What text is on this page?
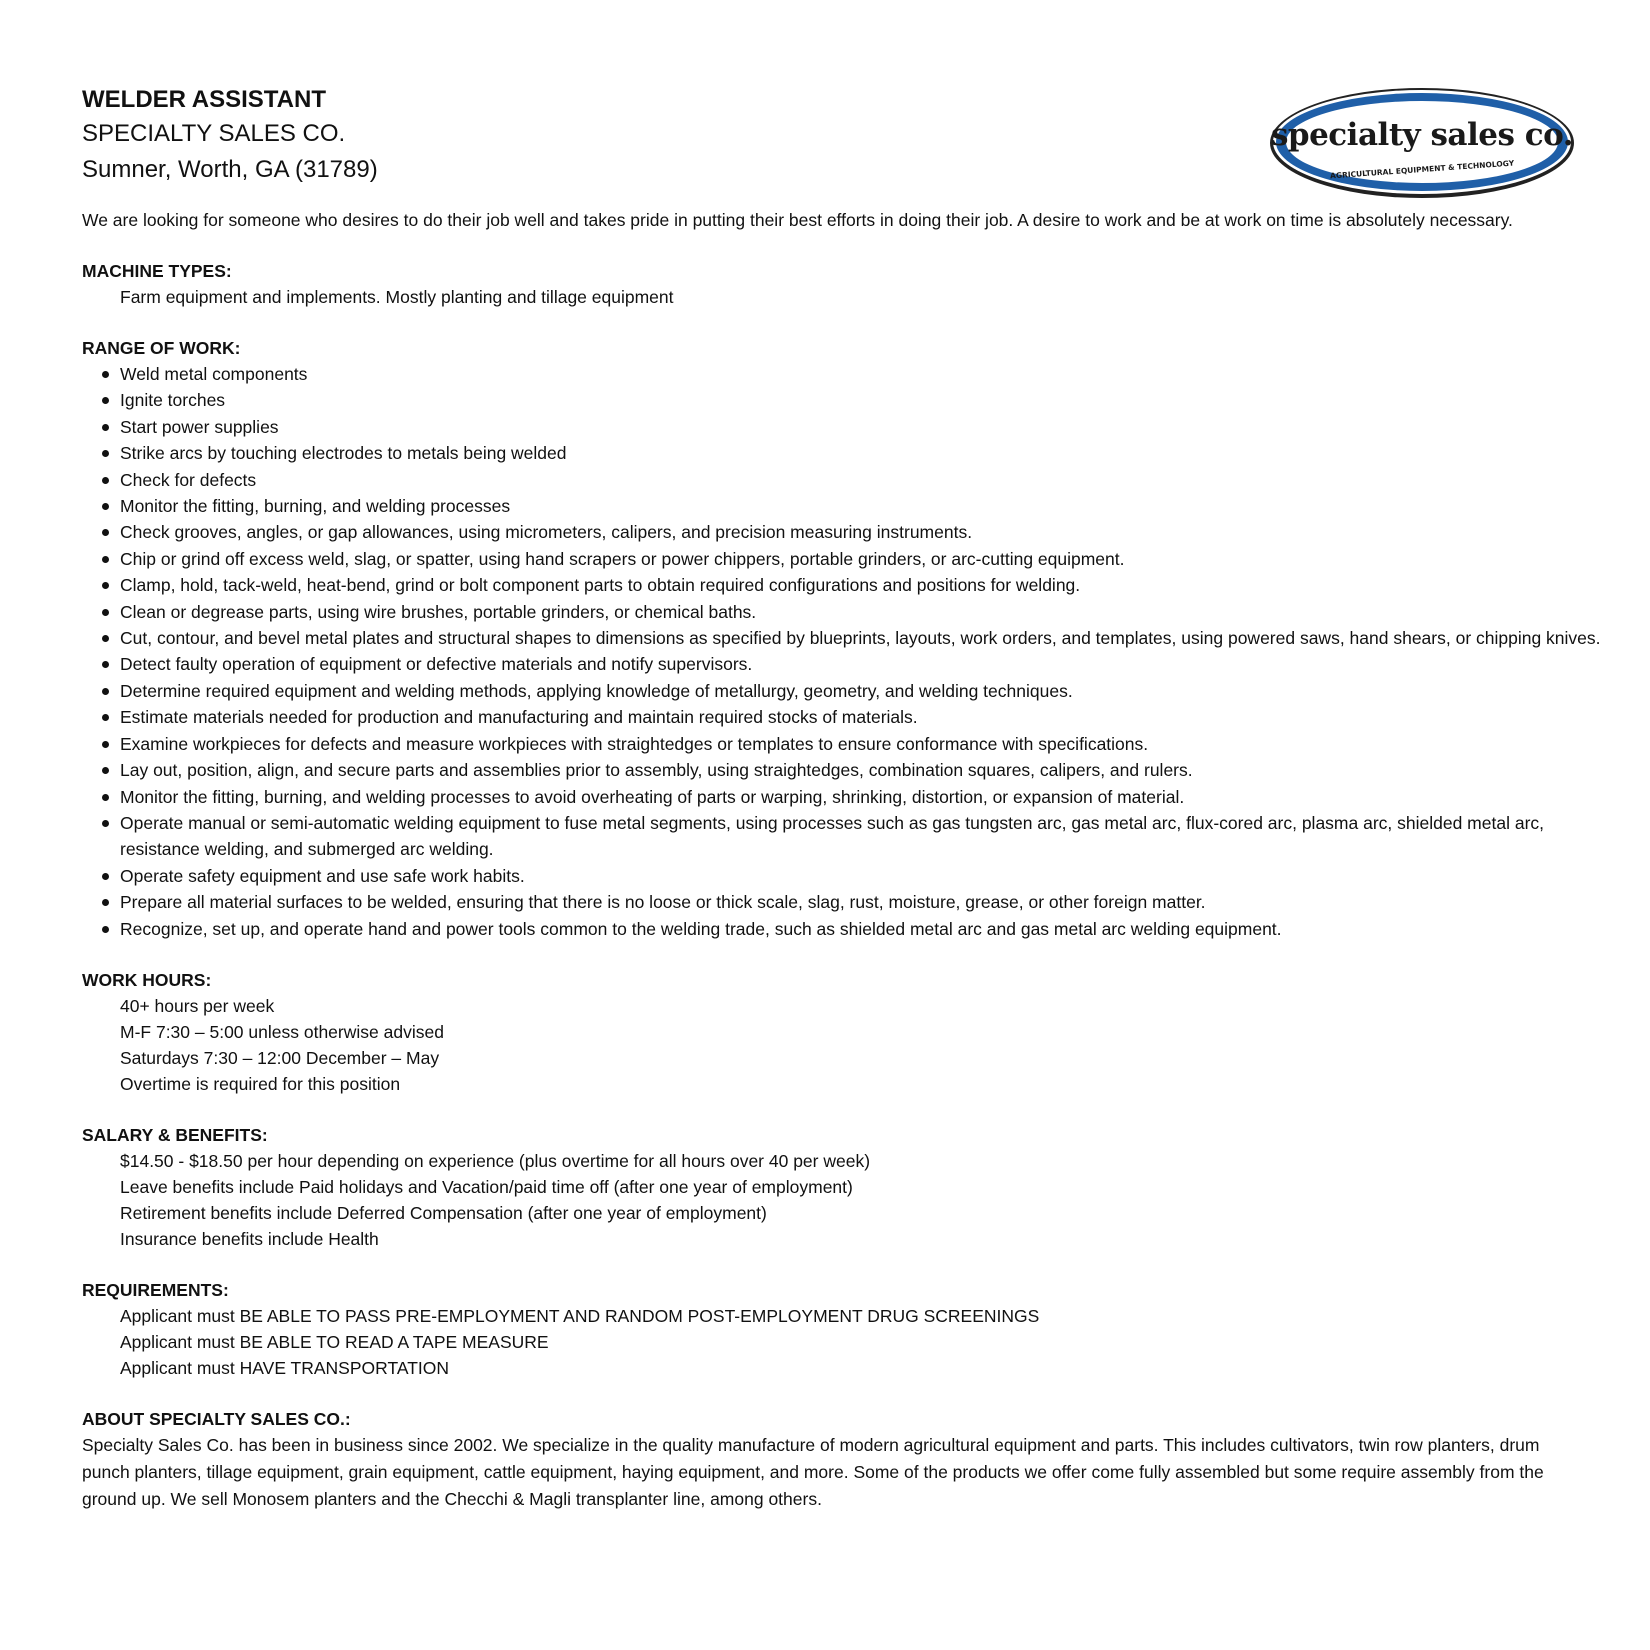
specialty sales co.
AGRICULTURAL EQUIPMENT & TECHNOLOGY
WELDER ASSISTANT
SPECIALTY SALES CO.
Sumner, Worth, GA (31789)
We are looking for someone who desires to do their job well and takes pride in putting their best efforts in doing their job. A desire to work and be at work on time is absolutely necessary.
MACHINE TYPES:
Farm equipment and implements. Mostly planting and tillage equipment
RANGE OF WORK:
Weld metal components
Ignite torches
Start power supplies
Strike arcs by touching electrodes to metals being welded
Check for defects
Monitor the fitting, burning, and welding processes
Check grooves, angles, or gap allowances, using micrometers, calipers, and precision measuring instruments.
Chip or grind off excess weld, slag, or spatter, using hand scrapers or power chippers, portable grinders, or arc-cutting equipment.
Clamp, hold, tack-weld, heat-bend, grind or bolt component parts to obtain required configurations and positions for welding.
Clean or degrease parts, using wire brushes, portable grinders, or chemical baths.
Cut, contour, and bevel metal plates and structural shapes to dimensions as specified by blueprints, layouts, work orders, and templates, using powered saws, hand shears, or chipping knives.
Detect faulty operation of equipment or defective materials and notify supervisors.
Determine required equipment and welding methods, applying knowledge of metallurgy, geometry, and welding techniques.
Estimate materials needed for production and manufacturing and maintain required stocks of materials.
Examine workpieces for defects and measure workpieces with straightedges or templates to ensure conformance with specifications.
Lay out, position, align, and secure parts and assemblies prior to assembly, using straightedges, combination squares, calipers, and rulers.
Monitor the fitting, burning, and welding processes to avoid overheating of parts or warping, shrinking, distortion, or expansion of material.
Operate manual or semi-automatic welding equipment to fuse metal segments, using processes such as gas tungsten arc, gas metal arc, flux-cored arc, plasma arc, shielded metal arc, resistance welding, and submerged arc welding.
Operate safety equipment and use safe work habits.
Prepare all material surfaces to be welded, ensuring that there is no loose or thick scale, slag, rust, moisture, grease, or other foreign matter.
Recognize, set up, and operate hand and power tools common to the welding trade, such as shielded metal arc and gas metal arc welding equipment.
WORK HOURS:
40+ hours per week
M-F 7:30 – 5:00 unless otherwise advised
Saturdays 7:30 – 12:00 December – May
Overtime is required for this position
SALARY & BENEFITS:
$14.50 - $18.50 per hour depending on experience (plus overtime for all hours over 40 per week)
Leave benefits include Paid holidays and Vacation/paid time off (after one year of employment)
Retirement benefits include Deferred Compensation (after one year of employment)
Insurance benefits include Health
REQUIREMENTS:
Applicant must BE ABLE TO PASS PRE-EMPLOYMENT AND RANDOM POST-EMPLOYMENT DRUG SCREENINGS
Applicant must BE ABLE TO READ A TAPE MEASURE
Applicant must HAVE TRANSPORTATION
ABOUT SPECIALTY SALES CO.:
Specialty Sales Co. has been in business since 2002. We specialize in the quality manufacture of modern agricultural equipment and parts. This includes cultivators, twin row planters, drum punch planters, tillage equipment, grain equipment, cattle equipment, haying equipment, and more. Some of the products we offer come fully assembled but some require assembly from the ground up. We sell Monosem planters and the Checchi & Magli transplanter line, among others.
